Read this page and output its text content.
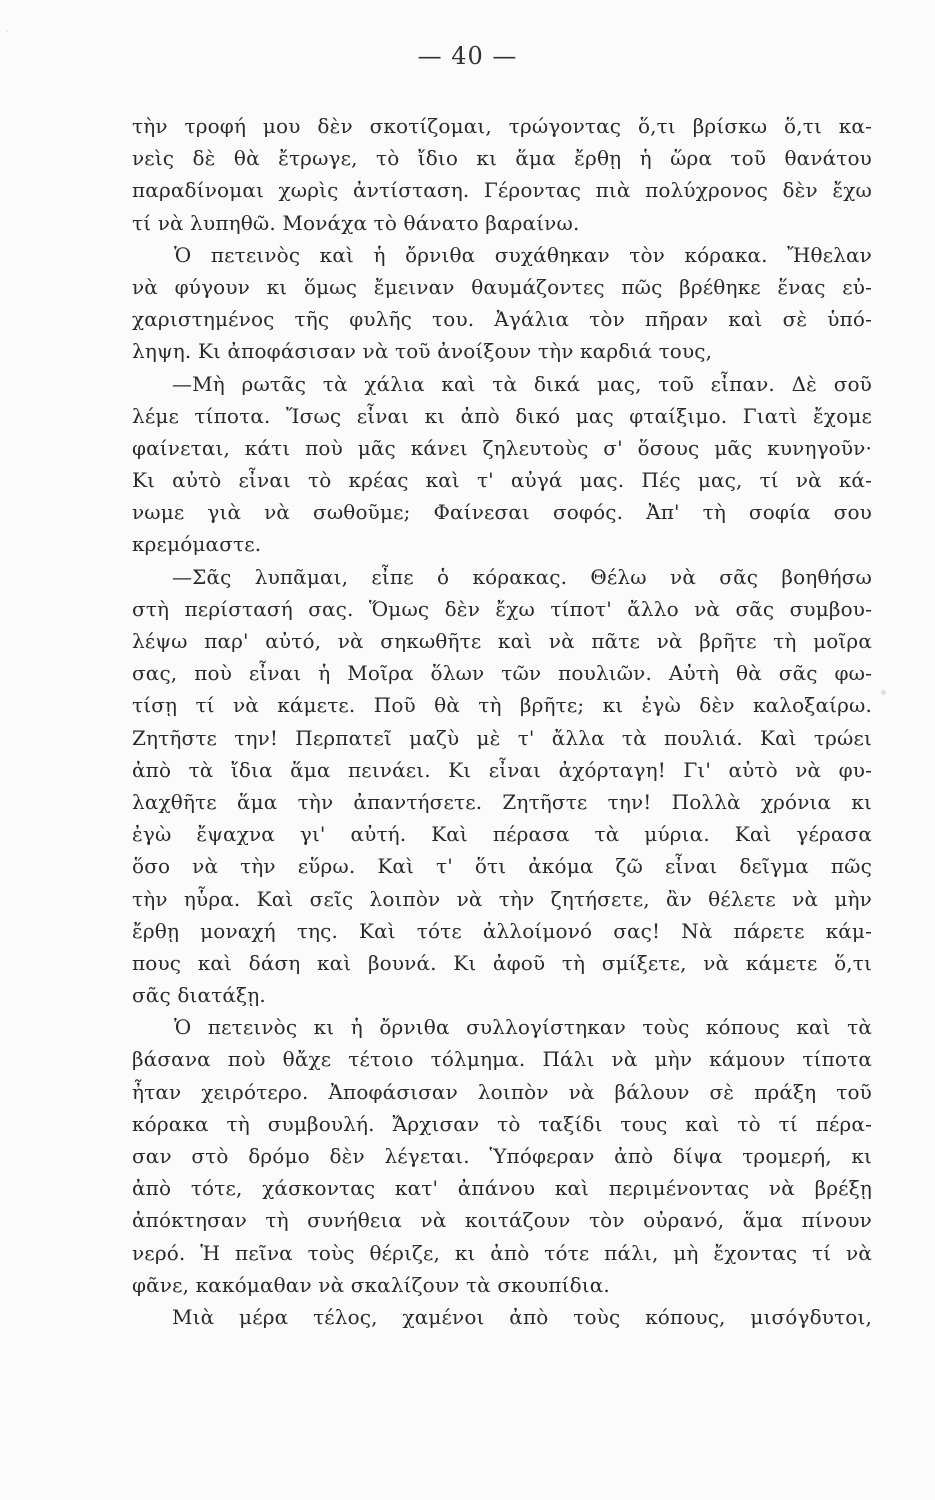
— 40 —
τὴν τροφή μου δὲν σκοτίζομαι, τρώγοντας ὅ,τι βρίσκω ὅ,τι κα-
νεὶς δὲ θὰ ἔτρωγε, τὸ ἴδιο κι ἅμα ἔρθῃ ἡ ὥρα τοῦ θανάτου
παραδίνομαι χωρὶς ἀντίσταση. Γέροντας πιὰ πολύχρονος δὲν ἔχω
τί νὰ λυπηθῶ. Μονάχα τὸ θάνατο βαραίνω.
Ὁ πετεινὸς καὶ ἡ ὄρνιθα συχάθηκαν τὸν κόρακα. Ἤθελαν
νὰ φύγουν κι ὅμως ἔμειναν θαυμάζοντες πῶς βρέθηκε ἕνας εὐ-
χαριστημένος τῆς φυλῆς του. Ἀγάλια τὸν πῆραν καὶ σὲ ὑπό-
ληψη. Κι ἀποφάσισαν νὰ τοῦ ἀνοίξουν τὴν καρδιά τους,
—Μὴ ρωτᾶς τὰ χάλια καὶ τὰ δικά μας, τοῦ εἶπαν. Δὲ σοῦ
λέμε τίποτα. Ἴσως εἶναι κι ἀπὸ δικό μας φταίξιμο. Γιατὶ ἔχομε
φαίνεται, κάτι ποὺ μᾶς κάνει ζηλευτοὺς σ' ὅσους μᾶς κυνηγοῦν·
Κι αὐτὸ εἶναι τὸ κρέας καὶ τ' αὐγά μας. Πές μας, τί νὰ κά-
νωμε γιὰ νὰ σωθοῦμε; Φαίνεσαι σοφός. Ἀπ' τὴ σοφία σου
κρεμόμαστε.
—Σᾶς λυπᾶμαι, εἶπε ὁ κόρακας. Θέλω νὰ σᾶς βοηθήσω
στὴ περίστασή σας. Ὅμως δὲν ἔχω τίποτ' ἄλλο νὰ σᾶς συμβου-
λέψω παρ' αὐτό, νὰ σηκωθῆτε καὶ νὰ πᾶτε νὰ βρῆτε τὴ μοῖρα
σας, ποὺ εἶναι ἡ Μοῖρα ὅλων τῶν πουλιῶν. Αὐτὴ θὰ σᾶς φω-
τίσῃ τί νὰ κάμετε. Ποῦ θὰ τὴ βρῆτε; κι ἐγὼ δὲν καλοξαίρω.
Ζητῆστε την! Περπατεῖ μαζὺ μὲ τ' ἄλλα τὰ πουλιά. Καὶ τρώει
ἀπὸ τὰ ἴδια ἅμα πεινάει. Κι εἶναι ἀχόρταγη! Γι' αὐτὸ νὰ φυ-
λαχθῆτε ἅμα τὴν ἀπαντήσετε. Ζητῆστε την! Πολλὰ χρόνια κι
ἐγὼ ἔψαχνα γι' αὐτή. Καὶ πέρασα τὰ μύρια. Καὶ γέρασα
ὅσο νὰ τὴν εὕρω. Καὶ τ' ὅτι ἀκόμα ζῶ εἶναι δεῖγμα πῶς
τὴν ηὗρα. Καὶ σεῖς λοιπὸν νὰ τὴν ζητήσετε, ἂν θέλετε νὰ μὴν
ἔρθῃ μοναχή της. Καὶ τότε ἀλλοίμονό σας! Νὰ πάρετε κάμ-
πους καὶ δάση καὶ βουνά. Κι ἀφοῦ τὴ σμίξετε, νὰ κάμετε ὅ,τι
σᾶς διατάξῃ.
Ὁ πετεινὸς κι ἡ ὄρνιθα συλλογίστηκαν τοὺς κόπους καὶ τὰ
βάσανα ποὺ θἄχε τέτοιο τόλμημα. Πάλι νὰ μὴν κάμουν τίποτα
ἦταν χειρότερο. Ἀποφάσισαν λοιπὸν νὰ βάλουν σὲ πράξη τοῦ
κόρακα τὴ συμβουλή. Ἄρχισαν τὸ ταξίδι τους καὶ τὸ τί πέρα-
σαν στὸ δρόμο δὲν λέγεται. Ὑπόφεραν ἀπὸ δίψα τρομερή, κι
ἀπὸ τότε, χάσκοντας κατ' ἀπάνου καὶ περιμένοντας νὰ βρέξῃ
ἀπόκτησαν τὴ συνήθεια νὰ κοιτάζουν τὸν οὐρανό, ἅμα πίνουν
νερό. Ἡ πεῖνα τοὺς θέριζε, κι ἀπὸ τότε πάλι, μὴ ἔχοντας τί νὰ
φᾶνε, κακόμαθαν νὰ σκαλίζουν τὰ σκουπίδια.
Μιὰ μέρα τέλος, χαμένοι ἀπὸ τοὺς κόπους, μισόγδυτοι,
